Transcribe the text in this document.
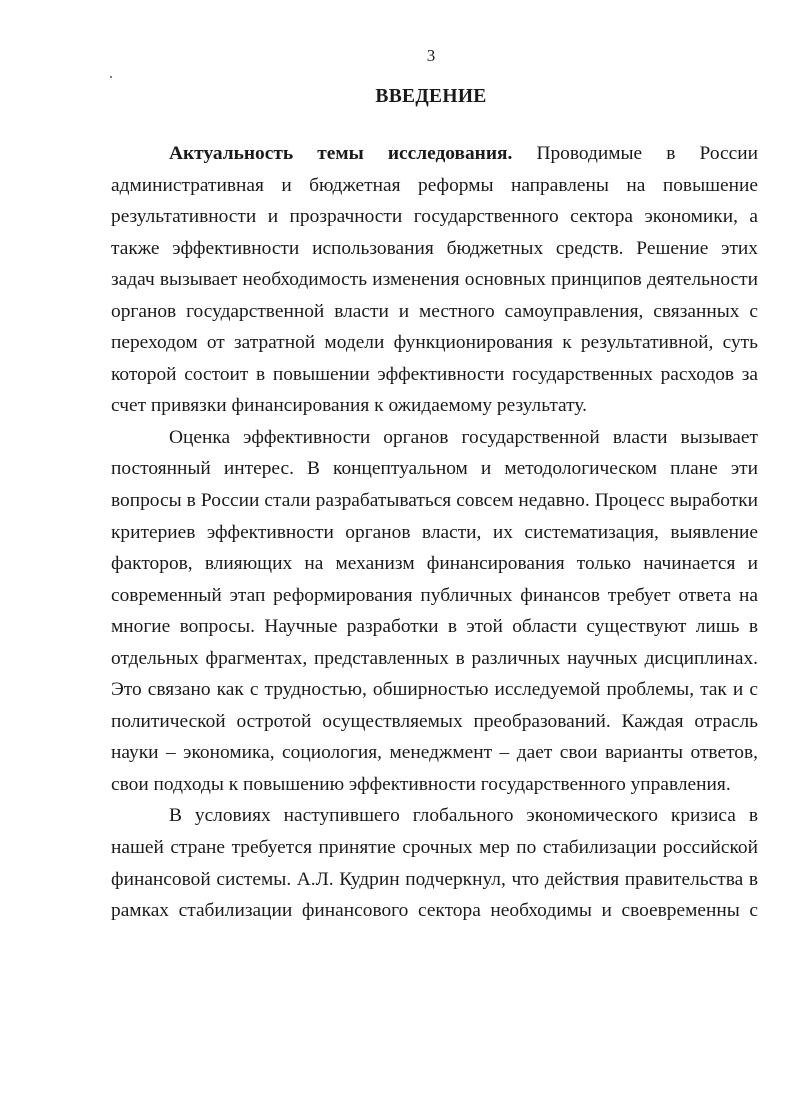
3
ВВЕДЕНИЕ

Актуальность темы исследования. Проводимые в России административная и бюджетная реформы направлены на повышение результативности и прозрачности государственного сектора экономики, а также эффективности использования бюджетных средств. Решение этих задач вызывает необходимость изменения основных принципов деятельности органов государственной власти и местного самоуправления, связанных с переходом от затратной модели функционирования к результативной, суть которой состоит в повышении эффективности государственных расходов за счет привязки финансирования к ожидаемому результату.

Оценка эффективности органов государственной власти вызывает постоянный интерес. В концептуальном и методологическом плане эти вопросы в России стали разрабатываться совсем недавно. Процесс выработки критериев эффективности органов власти, их систематизация, выявление факторов, влияющих на механизм финансирования только начинается и современный этап реформирования публичных финансов требует ответа на многие вопросы. Научные разработки в этой области существуют лишь в отдельных фрагментах, представленных в различных научных дисциплинах. Это связано как с трудностью, обширностью исследуемой проблемы, так и с политической остротой осуществляемых преобразований. Каждая отрасль науки – экономика, социология, менеджмент – дает свои варианты ответов, свои подходы к повышению эффективности государственного управления.

В условиях наступившего глобального экономического кризиса в нашей стране требуется принятие срочных мер по стабилизации российской финансовой системы. А.Л. Кудрин подчеркнул, что действия правительства в рамках стабилизации финансового сектора необходимы и своевременны с
